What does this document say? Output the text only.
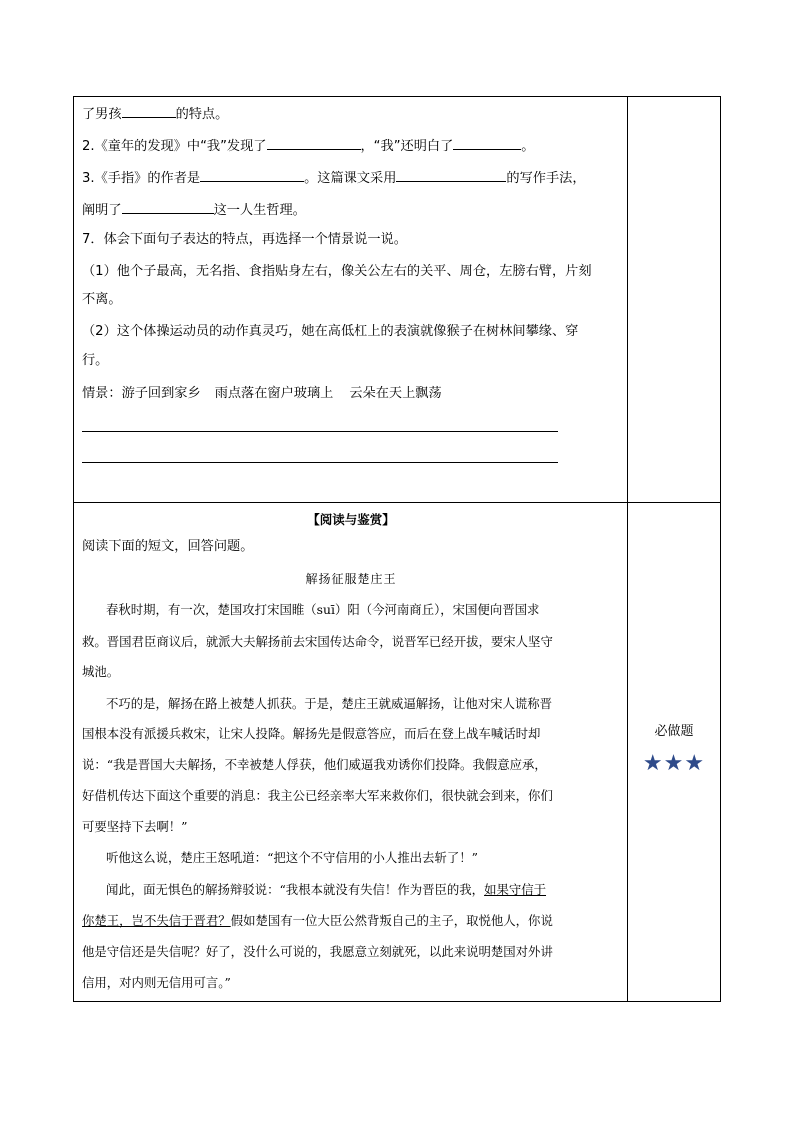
了男孩	的特点。
2.《童年的发现》中“我”发现了	，“我”还明白了	。
3.《手指》的作者是	。这篇课文采用	的写作手法，
阐明了	这一人生哲理。
7．体会下面句子表达的特点，再选择一个情景说一说。
（1）他个子最高，无名指、食指贴身左右，像关公左右的关平、周仓，左膀右臂，片刻
不离。
（2）这个体操运动员的动作真灵巧，她在高低杠上的表演就像猴子在树林间攀缘、穿
行。
情景：游子回到家乡 雨点落在窗户玻璃上 云朵在天上飘荡
【阅读与鉴赏】
阅读下面的短文，回答问题。
解扬征服楚庄王
春秋时期，有一次，楚国攻打宋国睢（suī）阳（今河南商丘），宋国便向晋国求
救。晋国君臣商议后，就派大夫解扬前去宋国传达命令，说晋军已经开拔，要宋人坚守
城池。
不巧的是，解扬在路上被楚人抓获。于是，楚庄王就威逼解扬，让他对宋人谎称晋
国根本没有派援兵救宋，让宋人投降。解扬先是假意答应，而后在登上战车喊话时却
说：“我是晋国大夫解扬，不幸被楚人俘获，他们威逼我劝诱你们投降。我假意应承，
好借机传达下面这个重要的消息：我主公已经亲率大军来救你们，很快就会到来，你们
可要坚持下去啊！”
听他这么说，楚庄王怒吼道：“把这个不守信用的小人推出去斩了！”
闻此，面无惧色的解扬辩驳说：“我根本就没有失信！作为晋臣的我，如果守信于
你楚王，岂不失信于晋君？假如楚国有一位大臣公然背叛自己的主子，取悦他人，你说
他是守信还是失信呢？好了，没什么可说的，我愿意立刻就死，以此来说明楚国对外讲
信用，对内则无信用可言。”
必做题
★★★
